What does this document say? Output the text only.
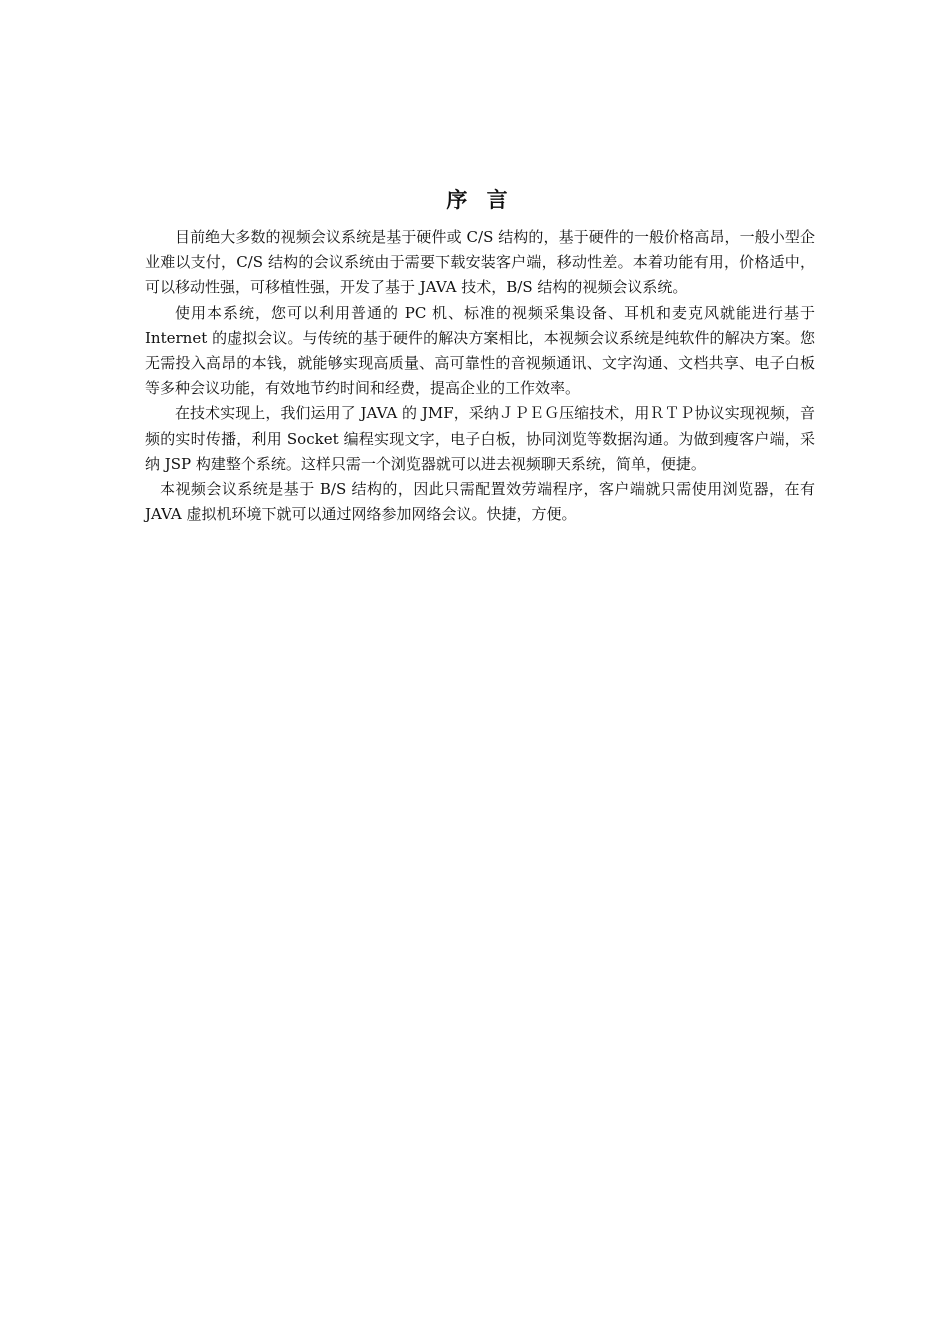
序 言

目前绝大多数的视频会议系统是基于硬件或 C/S 结构的，基于硬件的一般价格高昂，一般小型企业难以支付，C/S 结构的会议系统由于需要下载安装客户端，移动性差。本着功能有用，价格适中，可以移动性强，可移植性强，开发了基于 JAVA 技术，B/S 结构的视频会议系统。

使用本系统，您可以利用普通的 PC 机、标准的视频采集设备、耳机和麦克风就能进行基于 Internet 的虚拟会议。与传统的基于硬件的解决方案相比，本视频会议系统是纯软件的解决方案。您无需投入高昂的本钱，就能够实现高质量、高可靠性的音视频通讯、文字沟通、文档共享、电子白板等多种会议功能，有效地节约时间和经费，提高企业的工作效率。

在技术实现上，我们运用了 JAVA 的 JMF，采纳ＪＰＥＧ压缩技术，用ＲＴＰ协议实现视频，音频的实时传播，利用 Socket 编程实现文字，电子白板，协同浏览等数据沟通。为做到瘦客户端，采纳 JSP 构建整个系统。这样只需一个浏览器就可以进去视频聊天系统，简单，便捷。

本视频会议系统是基于 B/S 结构的，因此只需配置效劳端程序，客户端就只需使用浏览器，在有 JAVA 虚拟机环境下就可以通过网络参加网络会议。快捷，方便。
